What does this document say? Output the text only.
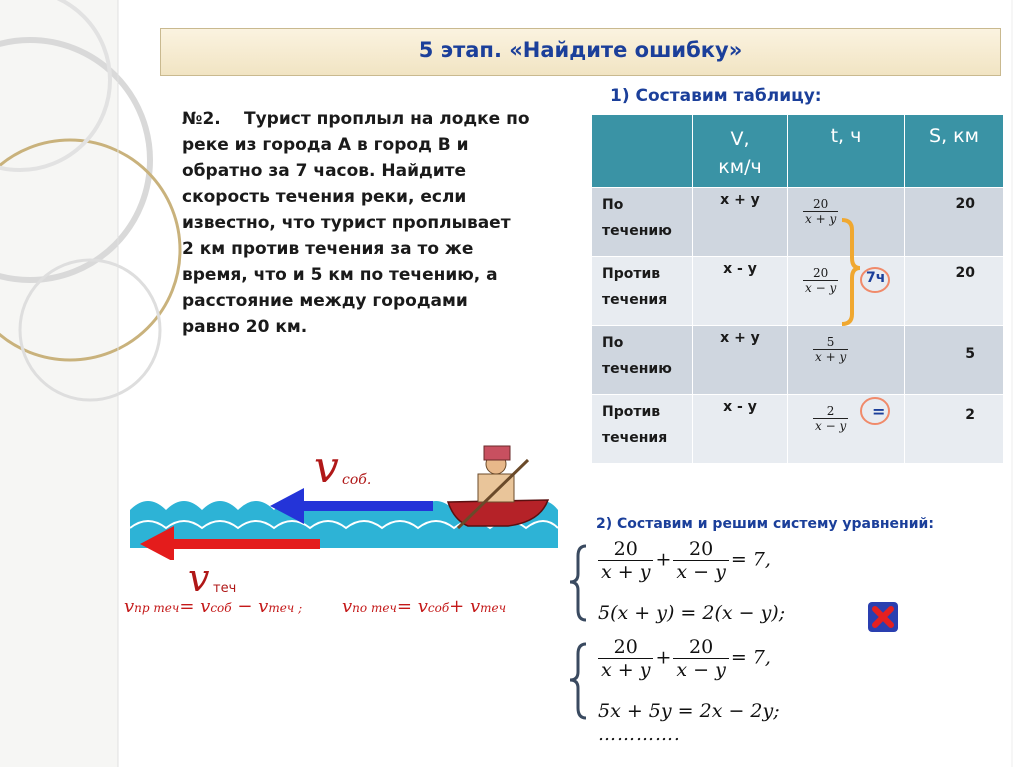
5 этап. «Найдите ошибку»
№2. Турист проплыл на лодке по
реке из города А в город В и
обратно за 7 часов. Найдите
скорость течения реки, если
известно, что турист проплывает
2 км против течения за то же
время, что и 5 км по течению, а
расстояние между городами
равно 20 км.
1) Составим таблицу:
	V,
км/ч	t, ч	S, км
По
течению	x + y	$\frac{20}{x + y}$	20
Против
течения	x - y	$\frac{20}{x - y}$	20
По
течению	x + y	$\frac{5}{x + y}$	5
Против
течения	x - y	$\frac{2}{x - y}$	2
7ч
=
v соб.
v теч
vпр теч= vсоб − vтеч ; vпо теч= vсоб+ vтеч
2) Составим и решим систему уравнений:
$\frac{20}{x + y} + \frac{20}{x - y} = 7$,
5(x + y) = 2(x − y);
$\frac{20}{x + y} + \frac{20}{x - y} = 7$,
5x + 5y = 2x − 2y;
………….
